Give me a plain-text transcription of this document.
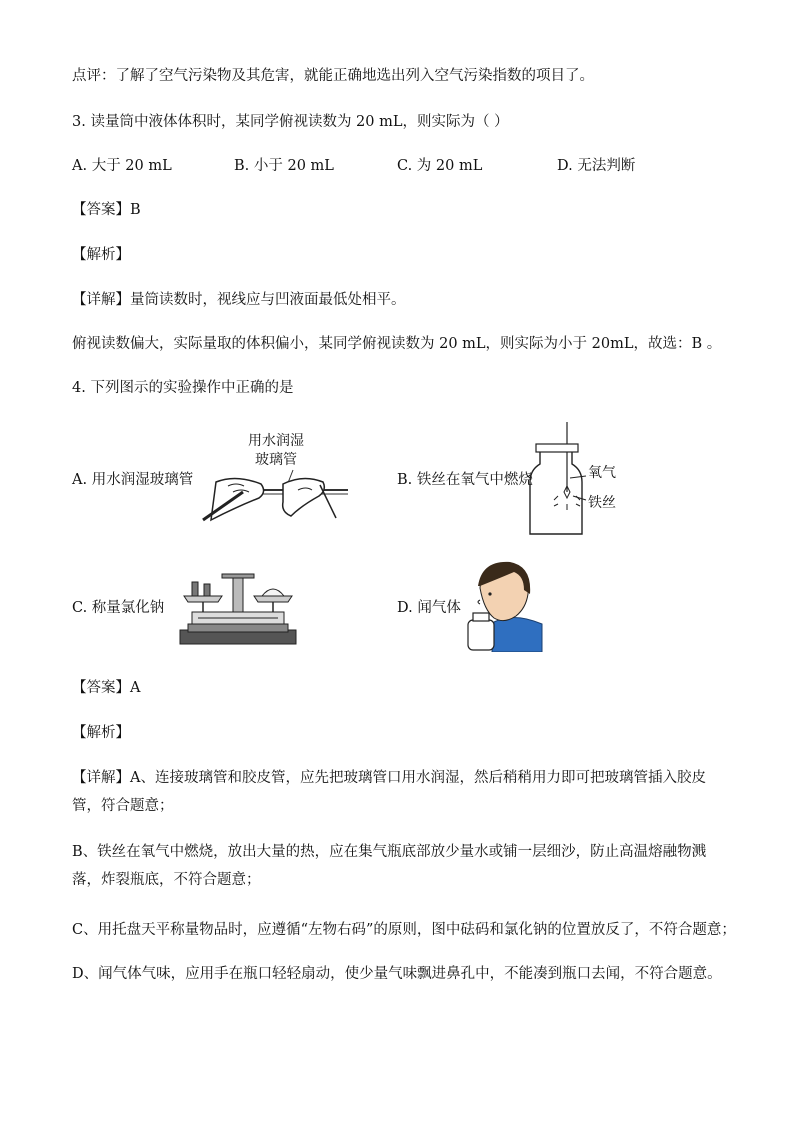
点评：了解了空气污染物及其危害，就能正确地选出列入空气污染指数的项目了。
3. 读量筒中液体体积时，某同学俯视读数为 20 mL，则实际为（ ）
A. 大于 20 mL	B. 小于 20 mL	C. 为 20 mL	D. 无法判断
【答案】B
【解析】
【详解】量筒读数时，视线应与凹液面最低处相平。
俯视读数偏大，实际量取的体积偏小，某同学俯视读数为 20 mL，则实际为小于 20mL，故选：B 。
4. 下列图示的实验操作中正确的是
A. 用水润湿玻璃管
用水润湿
玻璃管
B. 铁丝在氧气中燃烧	氧气
铁丝
C. 称量氯化钠	D. 闻气体
【答案】A
【解析】
【详解】A、连接玻璃管和胶皮管，应先把玻璃管口用水润湿，然后稍稍用力即可把玻璃管插入胶皮管，符合题意；
B、铁丝在氧气中燃烧，放出大量的热，应在集气瓶底部放少量水或铺一层细沙，防止高温熔融物溅落，炸裂瓶底，不符合题意；
C、用托盘天平称量物品时，应遵循“左物右码”的原则，图中砝码和氯化钠的位置放反了，不符合题意；
D、闻气体气味，应用手在瓶口轻轻扇动，使少量气味飘进鼻孔中，不能凑到瓶口去闻，不符合题意。
